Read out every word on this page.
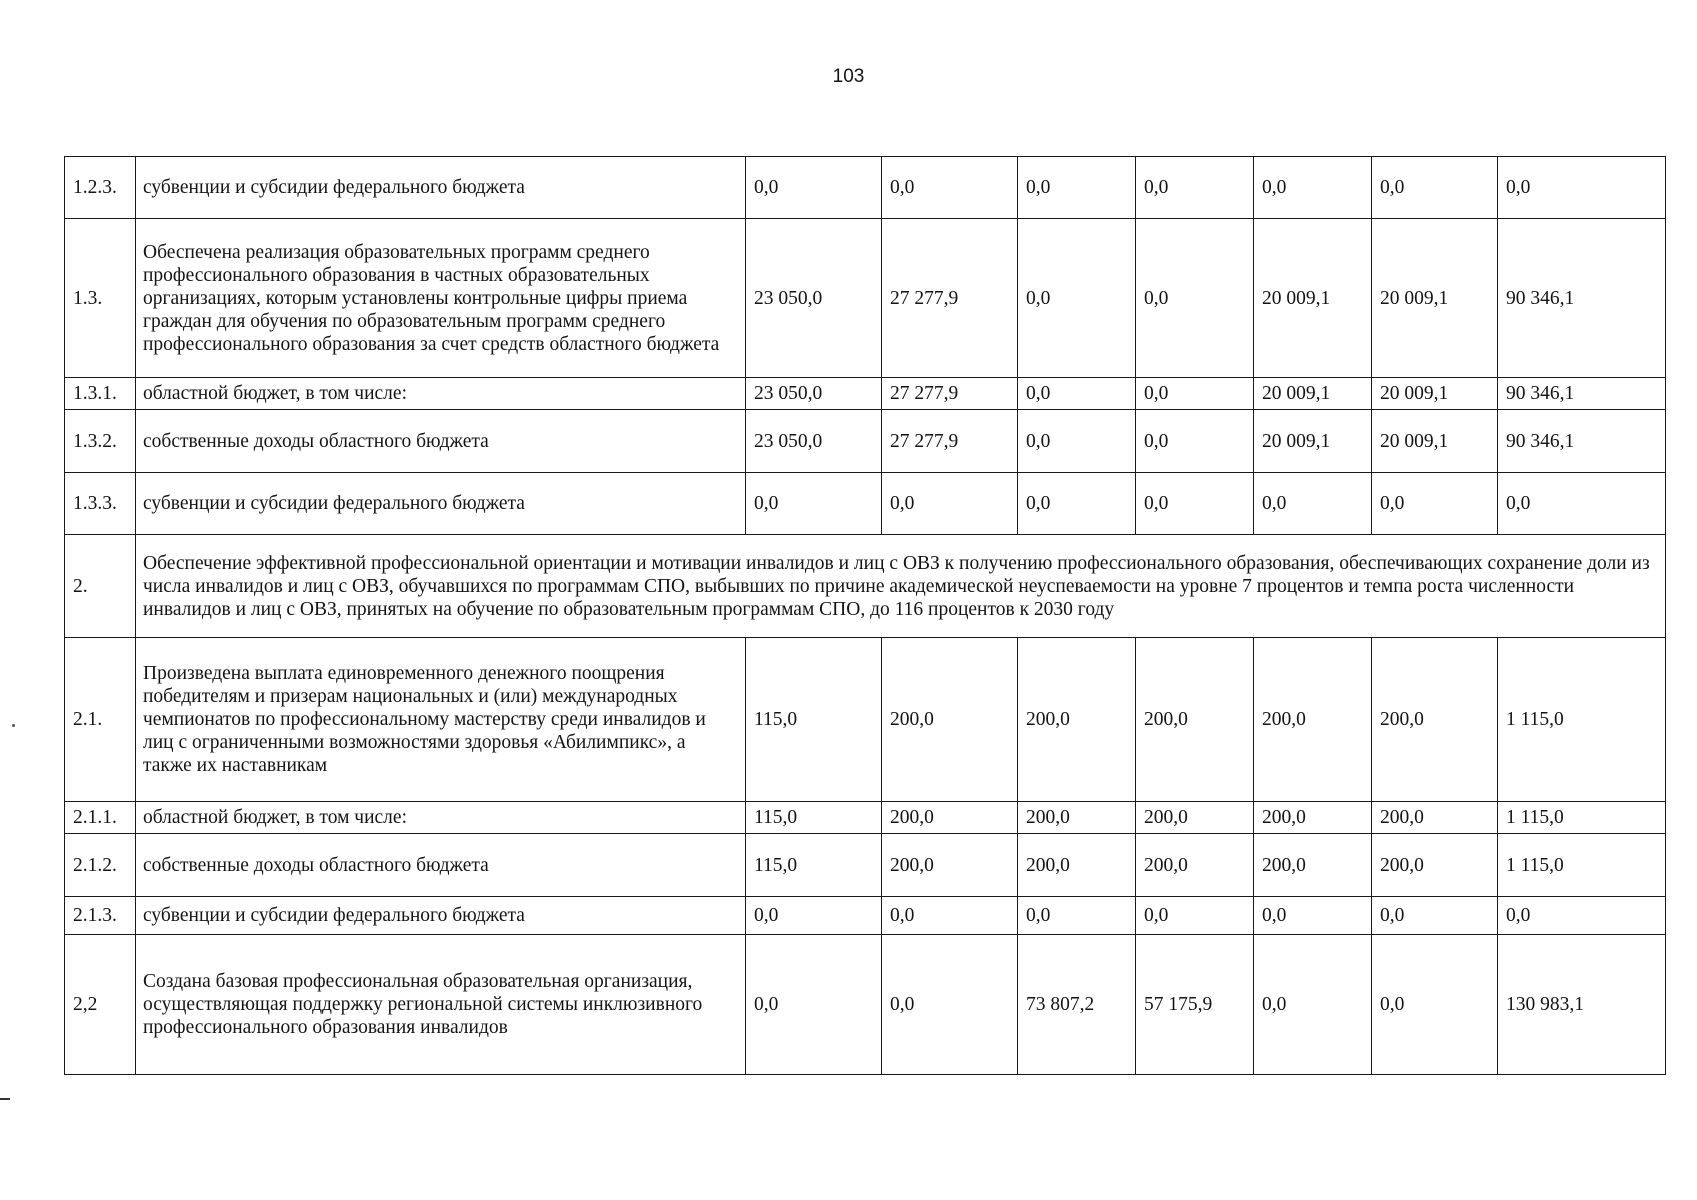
103
1.2.3.	субвенции и субсидии федерального бюджета	0,0	0,0	0,0	0,0	0,0	0,0	0,0
1.3.	Обеспечена реализация образовательных программ среднего профессионального образования в частных образовательных организациях, которым установлены контрольные цифры приема граждан для обучения по образовательным программ среднего профессионального образования за счет средств областного бюджета	23 050,0	27 277,9	0,0	0,0	20 009,1	20 009,1	90 346,1
1.3.1.	областной бюджет, в том числе:	23 050,0	27 277,9	0,0	0,0	20 009,1	20 009,1	90 346,1
1.3.2.	собственные доходы областного бюджета	23 050,0	27 277,9	0,0	0,0	20 009,1	20 009,1	90 346,1
1.3.3.	субвенции и субсидии федерального бюджета	0,0	0,0	0,0	0,0	0,0	0,0	0,0
2.	Обеспечение эффективной профессиональной ориентации и мотивации инвалидов и лиц с ОВЗ к получению профессионального образования, обеспечивающих сохранение доли из числа инвалидов и лиц с ОВЗ, обучавшихся по программам СПО, выбывших по причине академической неуспеваемости на уровне 7 процентов и темпа роста численности инвалидов и лиц с ОВЗ, принятых на обучение по образовательным программам СПО, до 116 процентов к 2030 году							
2.1.	Произведена выплата единовременного денежного поощрения победителям и призерам национальных и (или) международных чемпионатов по профессиональному мастерству среди инвалидов и лиц с ограниченными возможностями здоровья «Абилимпикс», а также их наставникам	115,0	200,0	200,0	200,0	200,0	200,0	1 115,0
2.1.1.	областной бюджет, в том числе:	115,0	200,0	200,0	200,0	200,0	200,0	1 115,0
2.1.2.	собственные доходы областного бюджета	115,0	200,0	200,0	200,0	200,0	200,0	1 115,0
2.1.3.	субвенции и субсидии федерального бюджета	0,0	0,0	0,0	0,0	0,0	0,0	0,0
2,2	Создана базовая профессиональная образовательная организация, осуществляющая поддержку региональной системы инклюзивного профессионального образования инвалидов	0,0	0,0	73 807,2	57 175,9	0,0	0,0	130 983,1
